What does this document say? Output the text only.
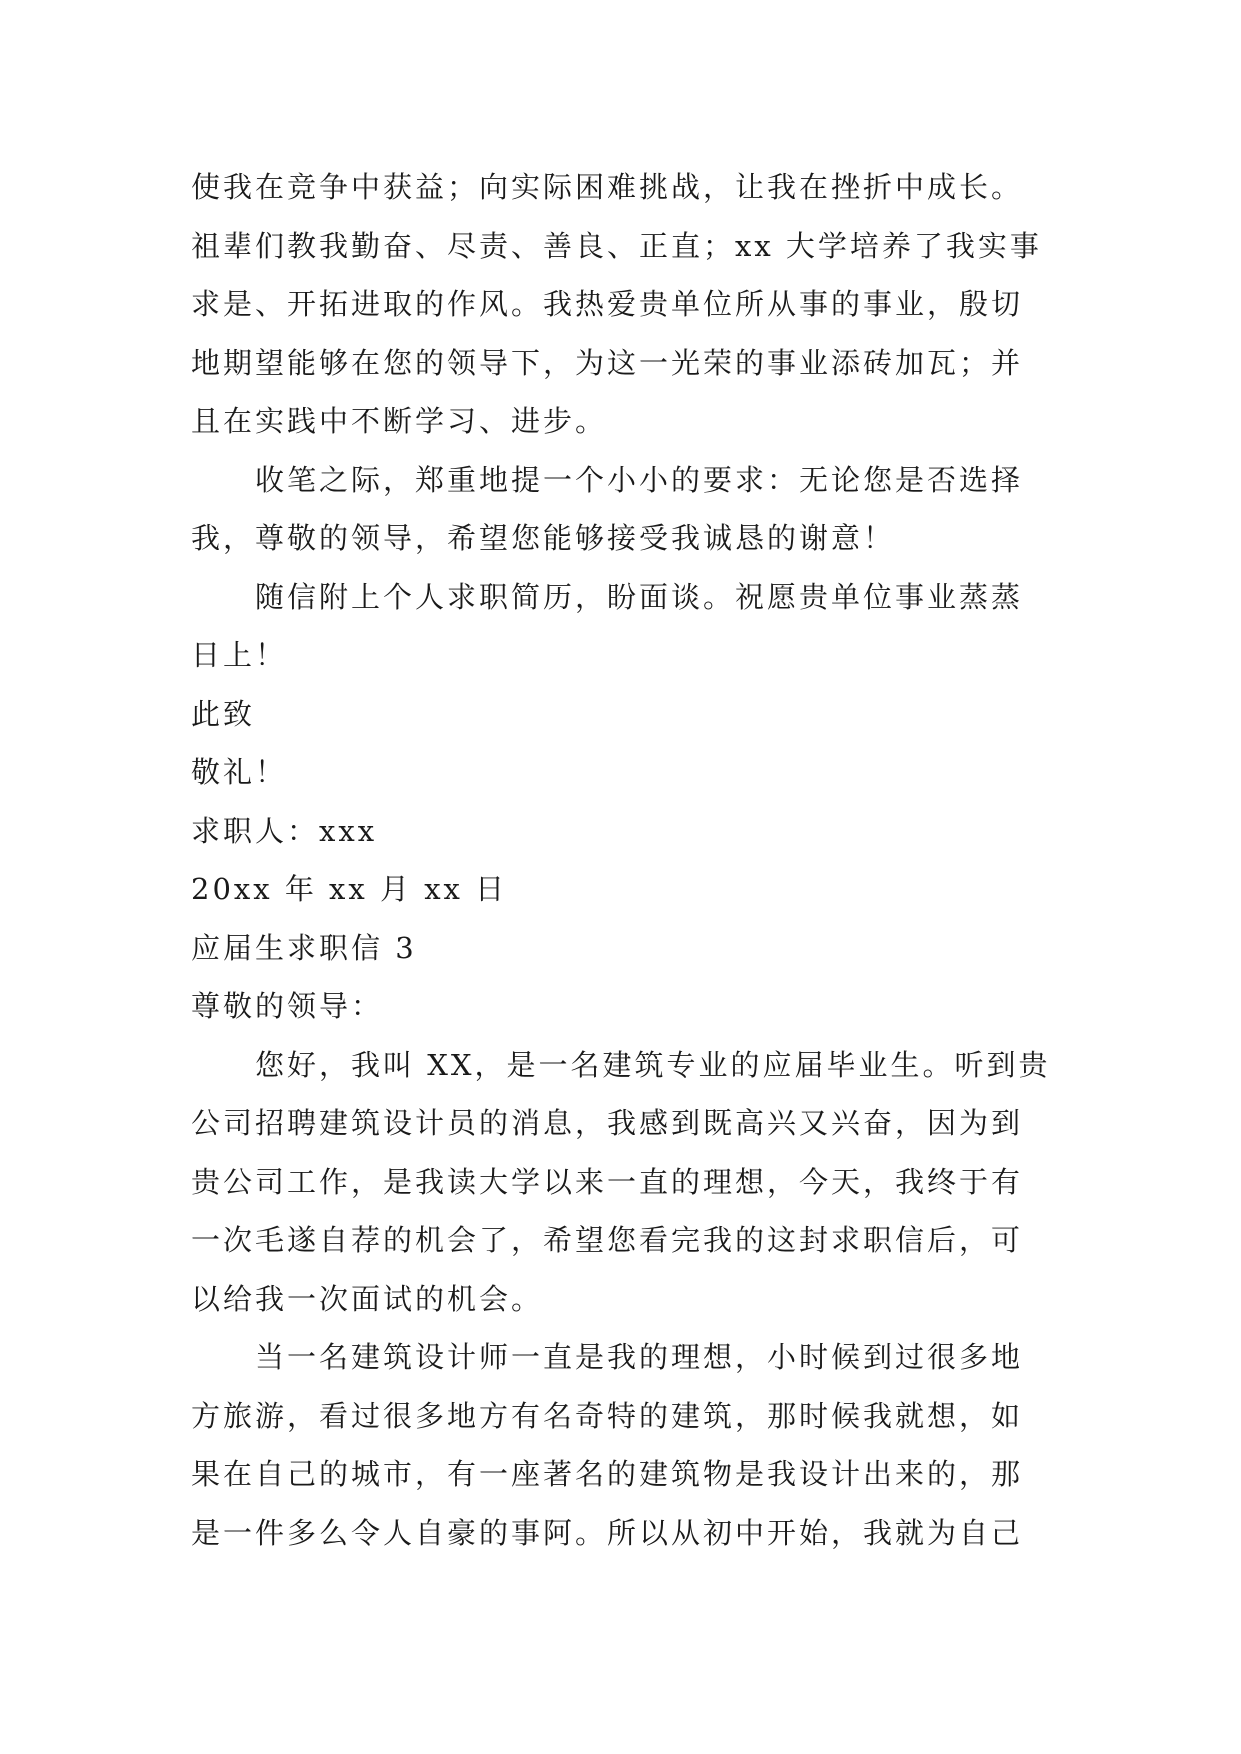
使我在竞争中获益；向实际困难挑战，让我在挫折中成长。
祖辈们教我勤奋、尽责、善良、正直；xx 大学培养了我实事
求是、开拓进取的作风。我热爱贵单位所从事的事业，殷切
地期望能够在您的领导下，为这一光荣的事业添砖加瓦；并
且在实践中不断学习、进步。
收笔之际，郑重地提一个小小的要求：无论您是否选择
我，尊敬的领导，希望您能够接受我诚恳的谢意！
随信附上个人求职简历，盼面谈。祝愿贵单位事业蒸蒸
日上！
此致
敬礼！
求职人：xxx
20xx 年 xx 月 xx 日
应届生求职信 3
尊敬的领导：
您好，我叫 XX，是一名建筑专业的应届毕业生。听到贵
公司招聘建筑设计员的消息，我感到既高兴又兴奋，因为到
贵公司工作，是我读大学以来一直的理想，今天，我终于有
一次毛遂自荐的机会了，希望您看完我的这封求职信后，可
以给我一次面试的机会。
当一名建筑设计师一直是我的理想，小时候到过很多地
方旅游，看过很多地方有名奇特的建筑，那时候我就想，如
果在自己的城市，有一座著名的建筑物是我设计出来的，那
是一件多么令人自豪的事阿。所以从初中开始，我就为自己
